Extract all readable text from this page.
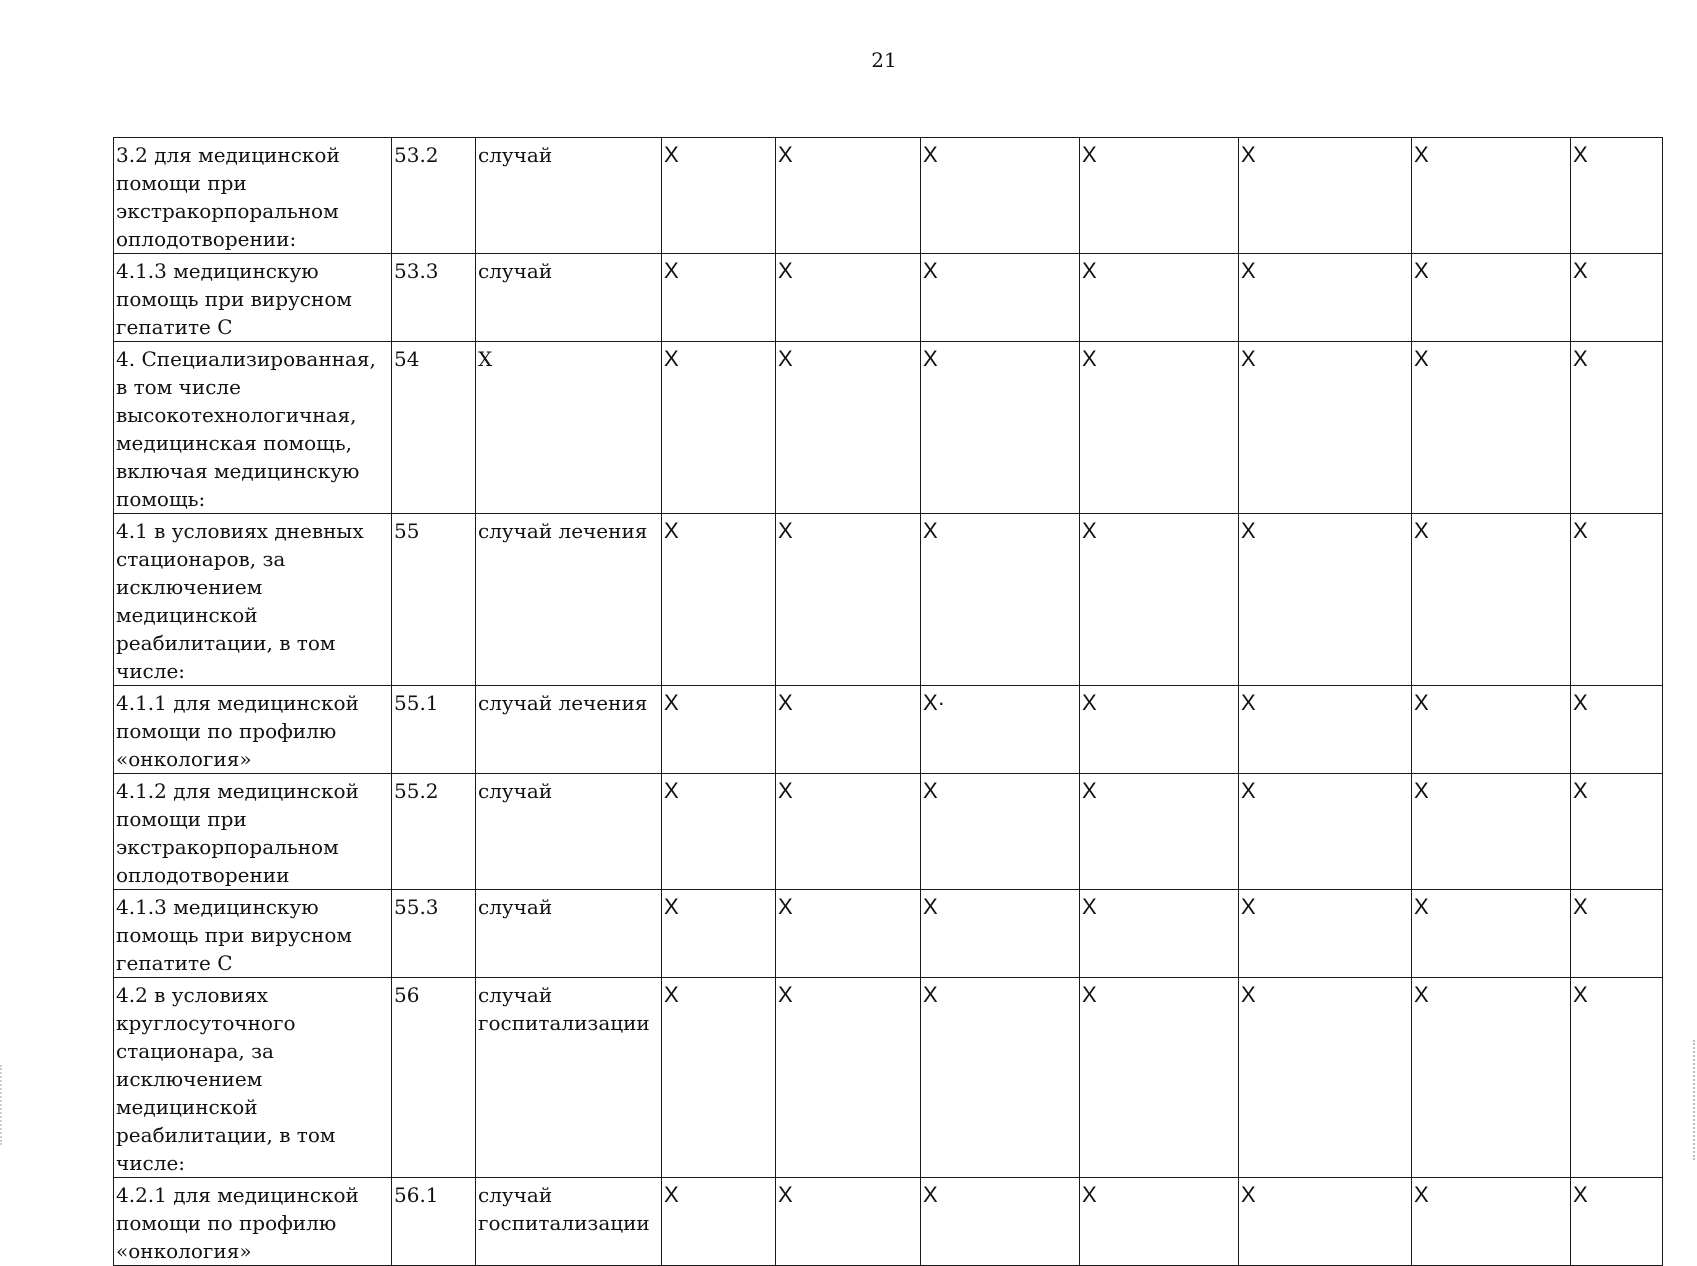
21
3.2 для медицинской помощи при экстракорпоральном оплодотворении:	53.2	случай	Х	Х	Х	Х	Х	Х	Х
4.1.3 медицинскую помощь при вирусном гепатите С	53.3	случай	Х	Х	Х	Х	Х	Х	Х
4. Специализированная, в том числе высокотехнологичная, медицинская помощь, включая медицинскую помощь:	54	Х	Х	Х	Х	Х	Х	Х	Х
4.1 в условиях дневных стационаров, за исключением медицинской реабилитации, в том числе:	55	случай лечения	Х	Х	Х	Х	Х	Х	Х
4.1.1 для медицинской помощи по профилю «онкология»	55.1	случай лечения	Х	Х	Х·	Х	Х	Х	Х
4.1.2 для медицинской помощи при экстракорпоральном оплодотворении	55.2	случай	Х	Х	Х	Х	Х	Х	Х
4.1.3 медицинскую помощь при вирусном гепатите С	55.3	случай	Х	Х	Х	Х	Х	Х	Х
4.2 в условиях круглосуточного стационара, за исключением медицинской реабилитации, в том числе:	56	случай госпитализации	Х	Х	Х	Х	Х	Х	Х
4.2.1 для медицинской помощи по профилю «онкология»	56.1	случай госпитализации	Х	Х	Х	Х	Х	Х	Х
